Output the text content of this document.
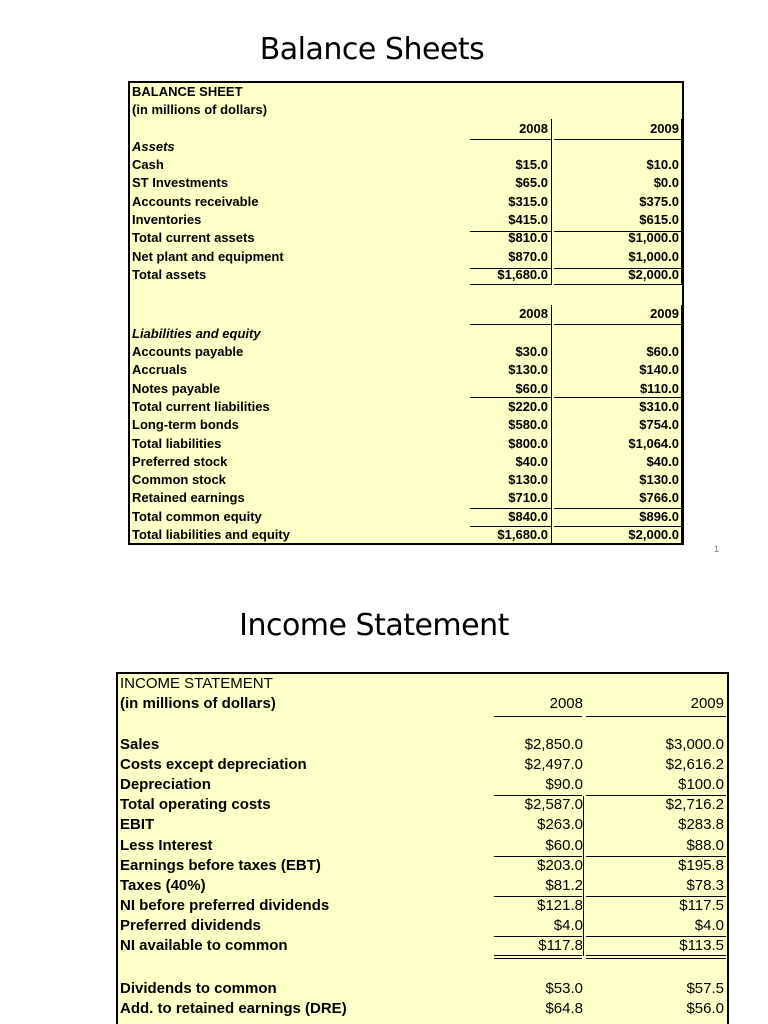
Balance Sheets
BALANCE SHEET
(in millions of dollars)
2008	2009
Assets
Cash	$15.0	$10.0
ST Investments	$65.0	$0.0
Accounts receivable	$315.0	$375.0
Inventories	$415.0	$615.0
Total current assets	$810.0	$1,000.0
Net plant and equipment	$870.0	$1,000.0
Total assets	$1,680.0	$2,000.0
2008	2009
Liabilities and equity
Accounts payable	$30.0	$60.0
Accruals	$130.0	$140.0
Notes payable	$60.0	$110.0
Total current liabilities	$220.0	$310.0
Long-term bonds	$580.0	$754.0
Total liabilities	$800.0	$1,064.0
Preferred stock	$40.0	$40.0
Common stock	$130.0	$130.0
Retained earnings	$710.0	$766.0
Total common equity	$840.0	$896.0
Total liabilities and equity	$1,680.0	$2,000.0
1
Income Statement
INCOME STATEMENT
(in millions of dollars)	2008	2009
Sales	$2,850.0	$3,000.0
Costs except depreciation	$2,497.0	$2,616.2
Depreciation	$90.0	$100.0
Total operating costs	$2,587.0	$2,716.2
EBIT	$263.0	$283.8
Less Interest	$60.0	$88.0
Earnings before taxes (EBT)	$203.0	$195.8
Taxes (40%)	$81.2	$78.3
NI before preferred dividends	$121.8	$117.5
Preferred dividends	$4.0	$4.0
NI available to common	$117.8	$113.5
Dividends to common	$53.0	$57.5
Add. to retained earnings (DRE)	$64.8	$56.0
